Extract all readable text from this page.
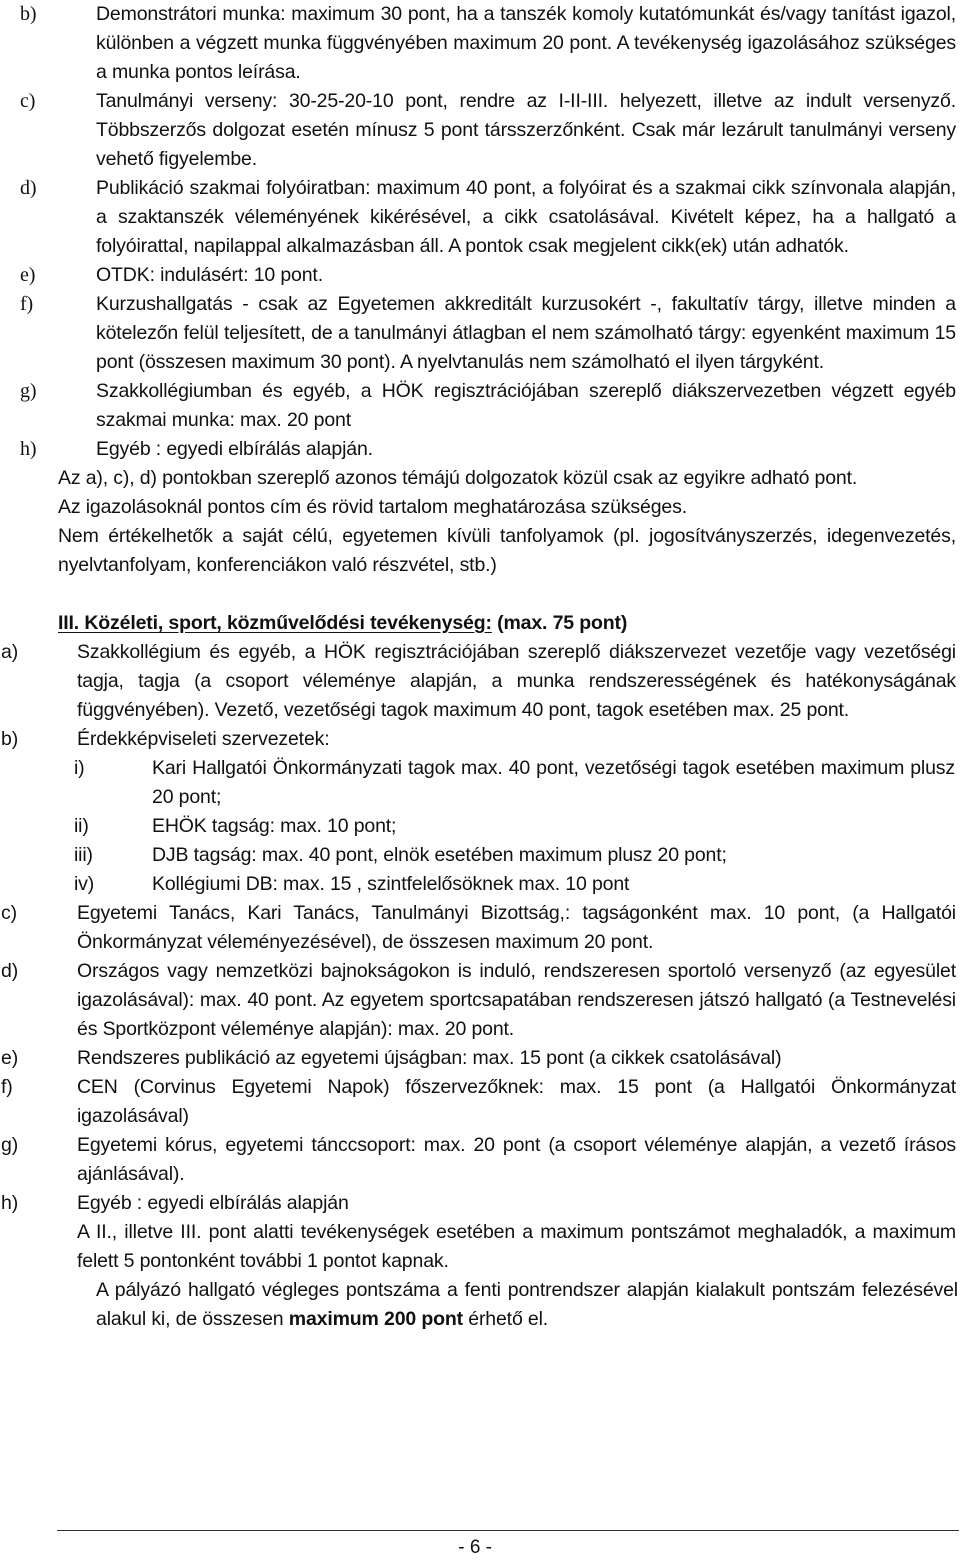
b)	Demonstrátori munka: maximum 30 pont, ha a tanszék komoly kutatómunkát és/vagy tanítást igazol, különben a végzett munka függvényében maximum 20 pont. A tevékenység igazolásához szükséges a munka pontos leírása.
c)	Tanulmányi verseny: 30-25-20-10 pont, rendre az I-II-III. helyezett, illetve az indult versenyző. Többszerzős dolgozat esetén mínusz 5 pont társszerzőnként. Csak már lezárult tanulmányi verseny vehető figyelembe.
d)	Publikáció szakmai folyóiratban: maximum 40 pont, a folyóirat és a szakmai cikk színvonala alapján, a szaktanszék véleményének kikérésével, a cikk csatolásával. Kivételt képez, ha a hallgató a folyóirattal, napilappal alkalmazásban áll. A pontok csak megjelent cikk(ek) után adhatók.
e)	OTDK: indulásért: 10 pont.
f)	Kurzushallgatás - csak az Egyetemen akkreditált kurzusokért -, fakultatív tárgy, illetve minden a kötelezőn felül teljesített, de a tanulmányi átlagban el nem számolható tárgy: egyenként maximum 15 pont (összesen maximum 30 pont). A nyelvtanulás nem számolható el ilyen tárgyként.
g)	Szakkollégiumban és egyéb, a HÖK regisztrációjában szereplő diákszervezetben végzett egyéb szakmai munka: max. 20 pont
h)	Egyéb : egyedi elbírálás alapján.
Az a), c), d) pontokban szereplő azonos témájú dolgozatok közül csak az egyikre adható pont.
Az igazolásoknál pontos cím és rövid tartalom meghatározása szükséges.
Nem értékelhetők a saját célú, egyetemen kívüli tanfolyamok (pl. jogosítványszerzés, idegenvezetés, nyelvtanfolyam, konferenciákon való részvétel, stb.)
III. Közéleti, sport, közművelődési tevékenység: (max. 75 pont)
a)	Szakkollégium és egyéb, a HÖK regisztrációjában szereplő diákszervezet vezetője vagy vezetőségi tagja, tagja (a csoport véleménye alapján, a munka rendszerességének és hatékonyságának függvényében). Vezető, vezetőségi tagok maximum 40 pont, tagok esetében max. 25 pont.
b)	Érdekképviseleti szervezetek:
i)	Kari Hallgatói Önkormányzati tagok max. 40 pont, vezetőségi tagok esetében maximum plusz 20 pont;
ii)	EHÖK tagság: max. 10 pont;
iii)	DJB tagság: max. 40 pont, elnök esetében maximum plusz 20 pont;
iv)	Kollégiumi DB: max. 15 , szintfelelősöknek max. 10 pont
c)	Egyetemi Tanács, Kari Tanács, Tanulmányi Bizottság,: tagságonként max. 10 pont, (a Hallgatói Önkormányzat véleményezésével), de összesen maximum 20 pont.
d)	Országos vagy nemzetközi bajnokságokon is induló, rendszeresen sportoló versenyző (az egyesület igazolásával): max. 40 pont. Az egyetem sportcsapatában rendszeresen játszó hallgató (a Testnevelési és Sportközpont véleménye alapján): max. 20 pont.
e)	Rendszeres publikáció az egyetemi újságban: max. 15 pont (a cikkek csatolásával)
f)	CEN (Corvinus Egyetemi Napok) főszervezőknek: max. 15 pont (a Hallgatói Önkormányzat igazolásával)
g)	Egyetemi kórus, egyetemi tánccsoport: max. 20 pont (a csoport véleménye alapján, a vezető írásos ajánlásával).
h)	Egyéb : egyedi elbírálás alapján
A II., illetve III. pont alatti tevékenységek esetében a maximum pontszámot meghaladók, a maximum felett 5 pontonként további 1 pontot kapnak.
A pályázó hallgató végleges pontszáma a fenti pontrendszer alapján kialakult pontszám felezésével alakul ki, de összesen maximum 200 pont érhető el.
- 6 -
